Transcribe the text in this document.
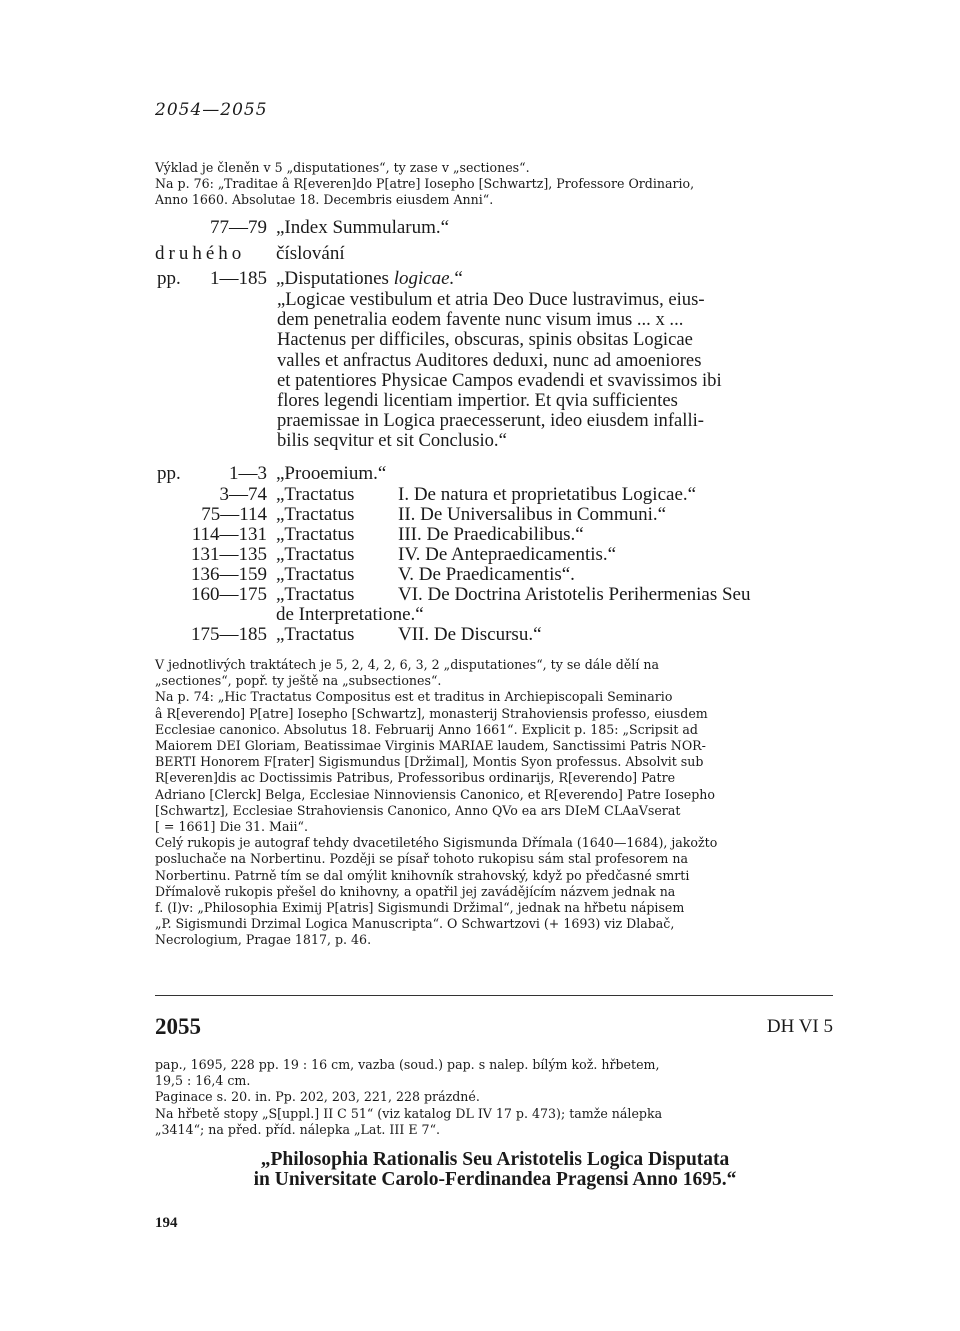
2054—2055
Výklad je členěn v 5 „disputationes“, ty zase v „sectiones“.
Na p. 76: „Traditae â R[everen]do P[atre] Iosepho [Schwartz], Professore Ordinario,
Anno 1660. Absolutae 18. Decembris eiusdem Anni“.
77—79 „Index Summularum.“
druhého číslování
pp. 1—185 „Disputationes logicae.“
„Logicae vestibulum et atria Deo Duce lustravimus, eius-
dem penetralia eodem favente nunc visum imus ... x ...
Hactenus per difficiles, obscuras, spinis obsitas Logicae
valles et anfractus Auditores deduxi, nunc ad amoeniores
et patentiores Physicae Campos evadendi et svavissimos ibi
flores legendi licentiam impertior. Et qvia sufficientes
praemissae in Logica praecesserunt, ideo eiusdem infalli-
bilis seqvitur et sit Conclusio.“
pp.	1—3 „Prooemium.“
3—74 „Tractatus I. De natura et proprietatibus Logicae.“
75—114 „Tractatus II. De Universalibus in Communi.“
114—131 „Tractatus III. De Praedicabilibus.“
131—135 „Tractatus IV. De Antepraedicamentis.“
136—159 „Tractatus V. De Praedicamentis“.
160—175 „Tractatus VI. De Doctrina Aristotelis Perihermenias Seu
de Interpretatione.“
175—185 „Tractatus VII. De Discursu.“
V jednotlivých traktátech je 5, 2, 4, 2, 6, 3, 2 „disputationes“, ty se dále dělí na
„sectiones“, popř. ty ještě na „subsectiones“.
Na p. 74: „Hic Tractatus Compositus est et traditus in Archiepiscopali Seminario
â R[everendo] P[atre] Iosepho [Schwartz], monasterij Strahoviensis professo, eiusdem
Ecclesiae canonico. Absolutus 18. Februarij Anno 1661“. Explicit p. 185: „Scripsit ad
Maiorem DEI Gloriam, Beatissimae Virginis MARIAE laudem, Sanctissimi Patris NOR-
BERTI Honorem F[rater] Sigismundus [Držimal], Montis Syon professus. Absolvit sub
R[everen]dis ac Doctissimis Patribus, Professoribus ordinarijs, R[everendo] Patre
Adriano [Clerck] Belga, Ecclesiae Ninnoviensis Canonico, et R[everendo] Patre Iosepho
[Schwartz], Ecclesiae Strahoviensis Canonico, Anno QVo ea ars DIeM CLAaVserat
[ = 1661] Die 31. Maii“.
Celý rukopis je autograf tehdy dvacetiletého Sigismunda Dřímala (1640—1684), jakožto
posluchače na Norbertinu. Později se písař tohoto rukopisu sám stal profesorem na
Norbertinu. Patrně tím se dal omýlit knihovník strahovský, když po předčasné smrti
Dřímalově rukopis přešel do knihovny, a opatřil jej zavádějícím názvem jednak na
f. (I)v: „Philosophia Eximij P[atris] Sigismundi Držimal“, jednak na hřbetu nápisem
„P. Sigismundi Drzimal Logica Manuscripta“. O Schwartzovi (+ 1693) viz Dlabač,
Necrologium, Pragae 1817, p. 46.
2055	DH VI 5
pap., 1695, 228 pp. 19 : 16 cm, vazba (soud.) pap. s nalep. bílým kož. hřbetem,
19,5 : 16,4 cm.
Paginace s. 20. in. Pp. 202, 203, 221, 228 prázdné.
Na hřbetě stopy „S[uppl.] II C 51“ (viz katalog DL IV 17 p. 473); tamže nálepka
„3414“; na před. příd. nálepka „Lat. III E 7“.
„Philosophia Rationalis Seu Aristotelis Logica Disputata
in Universitate Carolo-Ferdinandea Pragensi Anno 1695.“
194
